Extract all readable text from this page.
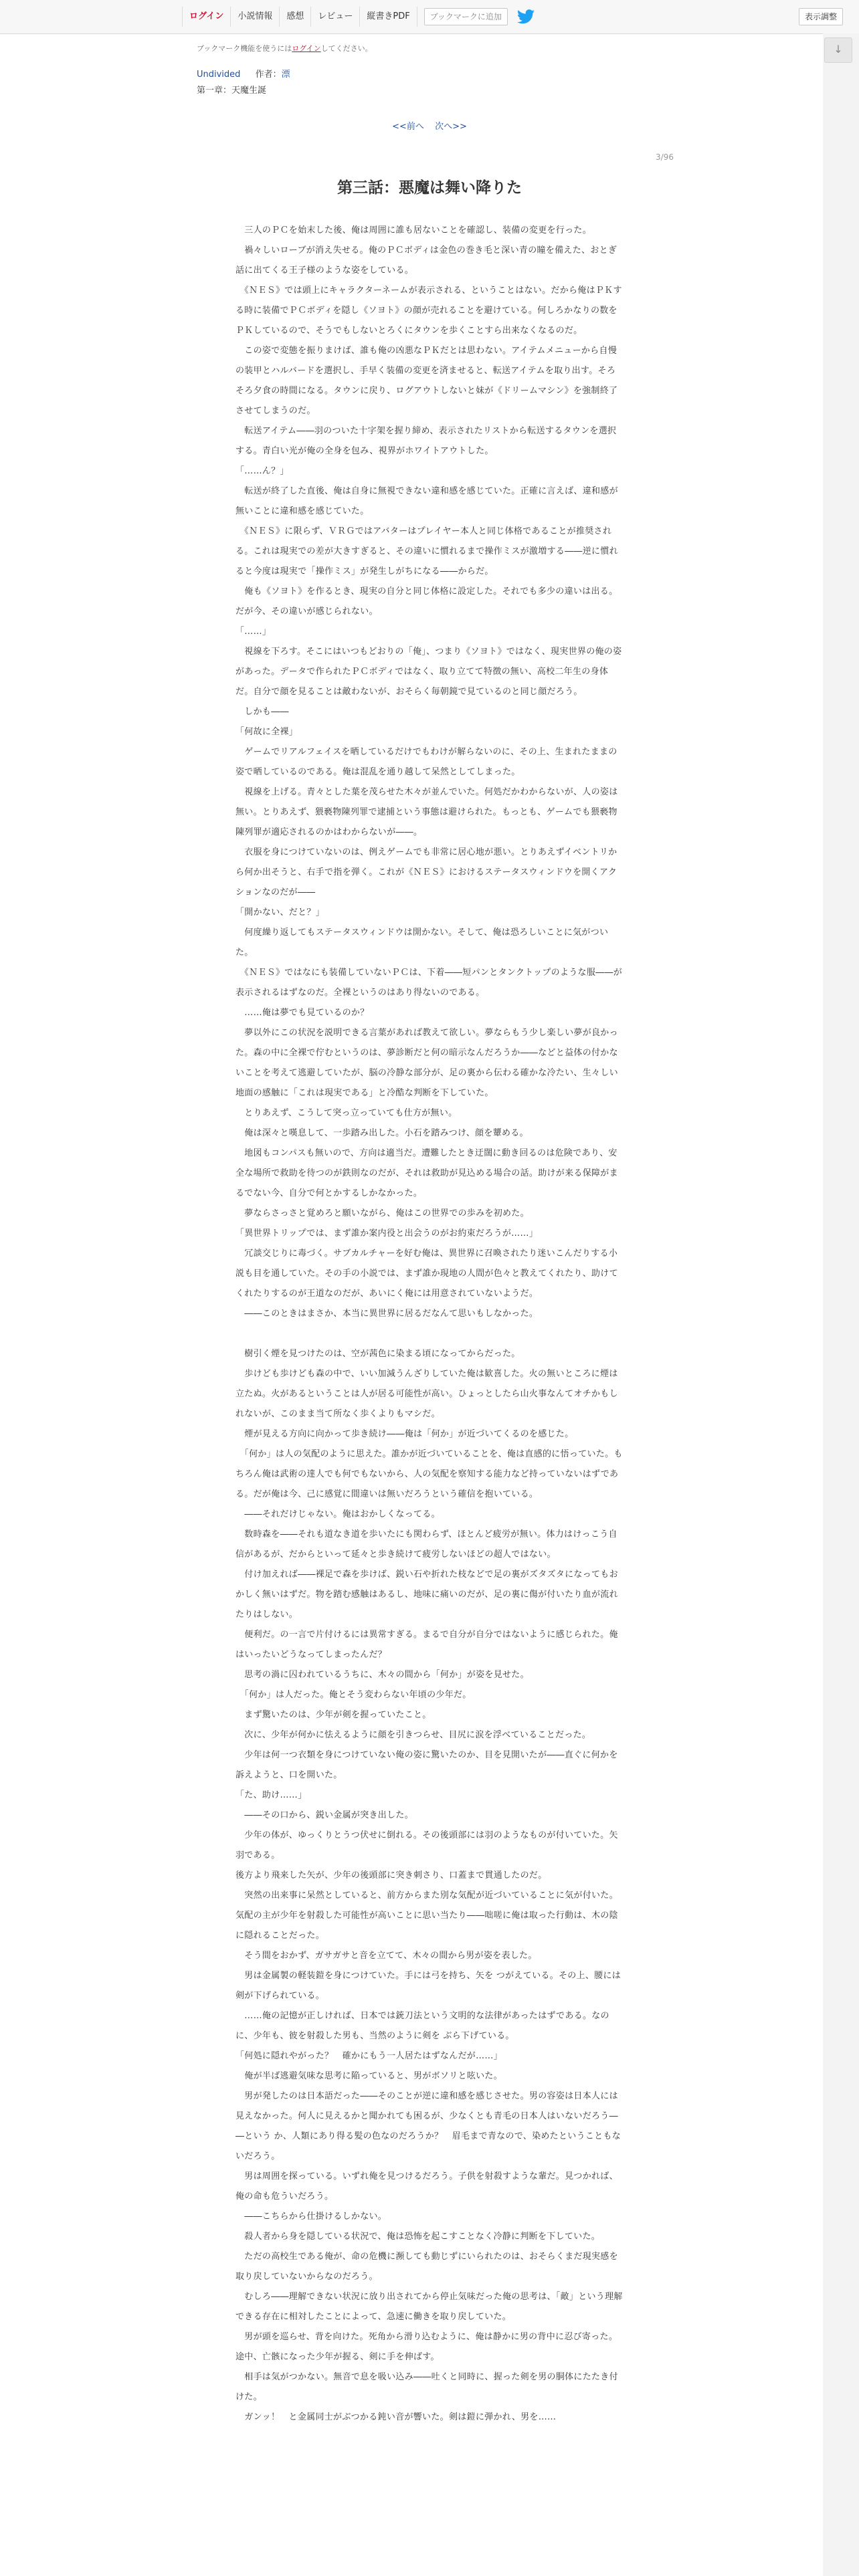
ログイン	小説情報	感想	レビュー	縦書きPDF	ブックマークに追加	表示調整
↓
ブックマーク機能を使うにはログインしてください。
Undivided 作者：漂
第一章：天魔生誕
<<前へ 次へ>>
3/96
第三話：悪魔は舞い降りた

　三人のＰＣを始末した後、俺は周囲に誰も居ないことを確認し、装備の変更を行った。

　禍々しいローブが消え失せる。俺のＰＣボディは金色の巻き毛と深い青の瞳を備えた、おとぎ話に出てくる王子様のような姿をしている。

　《ＮＥＳ》では頭上にキャラクターネームが表示される、ということはない。だから俺はＰＫする時に装備でＰＣボディを隠し《ソヨト》の顔が売れることを避けている。何しろかなりの数をＰＫしているので、そうでもしないとろくにタウンを歩くことすら出来なくなるのだ。

　この姿で変態を振りまけば、誰も俺の凶悪なＰＫだとは思わない。アイテムメニューから自慢の装甲とハルバードを選択し、手早く装備の変更を済ませると、転送アイテムを取り出す。そろそろ夕食の時間になる。タウンに戻り、ログアウトしないと妹が《ドリームマシン》を強制終了させてしまうのだ。

　転送アイテム――羽のついた十字架を握り締め、表示されたリストから転送するタウンを選択する。青白い光が俺の全身を包み、視界がホワイトアウトした。

「……ん？」

　転送が終了した直後、俺は自身に無視できない違和感を感じていた。正確に言えば、違和感が無いことに違和感を感じていた。

　《ＮＥＳ》に限らず、ＶＲＧではアバターはプレイヤー本人と同じ体格であることが推奨される。これは現実での差が大きすぎると、その違いに慣れるまで操作ミスが激増する――逆に慣れると今度は現実で「操作ミス」が発生しがちになる――からだ。

　俺も《ソヨト》を作るとき、現実の自分と同じ体格に設定した。それでも多少の違いは出る。だが今、その違いが感じられない。

「……」

　視線を下ろす。そこにはいつもどおりの「俺」、つまり《ソヨト》ではなく、現実世界の俺の姿があった。データで作られたＰＣボディではなく、取り立てて特徴の無い、高校二年生の身体だ。自分で顔を見ることは敵わないが、おそらく毎朝鏡で見ているのと同じ顔だろう。

　しかも――

「何故に全裸」

　ゲームでリアルフェイスを晒しているだけでもわけが解らないのに、その上、生まれたままの姿で晒しているのである。俺は混乱を通り越して呆然としてしまった。

　視線を上げる。青々とした葉を茂らせた木々が並んでいた。何処だかわからないが、人の姿は無い。とりあえず、猥褻物陳列罪で逮捕という事態は避けられた。もっとも、ゲームでも猥褻物陳列罪が適応されるのかはわからないが――。

　衣服を身につけていないのは、例えゲームでも非常に居心地が悪い。とりあえずイベントリから何か出そうと、右手で指を弾く。これが《ＮＥＳ》におけるステータスウィンドウを開くアクションなのだが――

「開かない、だと？」

　何度繰り返してもステータスウィンドウは開かない。そして、俺は恐ろしいことに気がついた。

　《ＮＥＳ》ではなにも装備していないＰＣは、下着――短パンとタンクトップのような服――が表示されるはずなのだ。全裸というのはあり得ないのである。

　……俺は夢でも見ているのか？

　夢以外にこの状況を説明できる言葉があれば教えて欲しい。夢ならもう少し楽しい夢が良かった。森の中に全裸で佇むというのは、夢診断だと何の暗示なんだろうか――などと益体の付かないことを考えて逃避していたが、脳の冷静な部分が、足の裏から伝わる確かな冷たい、生々しい地面の感触に「これは現実である」と冷酷な判断を下していた。

　とりあえず、こうして突っ立っていても仕方が無い。

　俺は深々と嘆息して、一歩踏み出した。小石を踏みつけ、顔を顰める。

　地図もコンパスも無いので、方向は適当だ。遭難したとき迂闊に動き回るのは危険であり、安全な場所で救助を待つのが鉄則なのだが、それは救助が見込める場合の話。助けが来る保障がまるでない今、自分で何とかするしかなかった。

　夢ならさっさと覚めろと願いながら、俺はこの世界での歩みを初めた。

「異世界トリップでは、まず誰か案内役と出会うのがお約束だろうが……」

　冗談交じりに毒づく。サブカルチャーを好む俺は、異世界に召喚されたり迷いこんだりする小説も目を通していた。その手の小説では、まず誰か現地の人間が色々と教えてくれたり、助けてくれたりするのが王道なのだが、あいにく俺には用意されていないようだ。

　――このときはまさか、本当に異世界に居るだなんて思いもしなかった。

　樹引く煙を見つけたのは、空が茜色に染まる頃になってからだった。

　歩けども歩けども森の中で、いい加減うんざりしていた俺は歓喜した。火の無いところに煙は立たぬ。火があるということは人が居る可能性が高い。ひょっとしたら山火事なんてオチかもしれないが、このまま当て所なく歩くよりもマシだ。

　煙が見える方向に向かって歩き続け――俺は「何か」が近づいてくるのを感じた。

　「何か」は人の気配のように思えた。誰かが近づいていることを、俺は直感的に悟っていた。もちろん俺は武術の達人でも何でもないから、人の気配を察知する能力など持っていないはずである。だが俺は今、己に感覚に間違いは無いだろうという確信を抱いている。

　――それだけじゃない。俺はおかしくなってる。

　数時森を――それも道なき道を歩いたにも関わらず、ほとんど疲労が無い。体力はけっこう自信があるが、だからといって延々と歩き続けて疲労しないほどの超人ではない。

　付け加えれば――裸足で森を歩けば、鋭い石や折れた枝などで足の裏がズタズタになってもおかしく無いはずだ。物を踏む感触はあるし、地味に痛いのだが、足の裏に傷が付いたり血が流れたりはしない。

　便利だ。の一言で片付けるには異常すぎる。まるで自分が自分ではないように感じられた。俺はいったいどうなってしまったんだ？

　思考の渦に囚われているうちに、木々の間から「何か」が姿を見せた。

　「何か」は人だった。俺とそう変わらない年頃の少年だ。

　まず驚いたのは、少年が剣を握っていたこと。

　次に、少年が何かに怯えるように顔を引きつらせ、目尻に涙を浮べていることだった。

　少年は何一つ衣類を身につけていない俺の姿に驚いたのか、目を見開いたが――直ぐに何かを訴えようと、口を開いた。

「た、助け……」

　――その口から、鋭い金属が突き出した。

　少年の体が、ゆっくりとうつ伏せに倒れる。その後頭部には羽のようなものが付いていた。矢羽である。

後方より飛来した矢が、少年の後頭部に突き刺さり、口蓋まで貫通したのだ。

　突然の出来事に呆然としていると、前方からまた別な気配が近づいていることに気が付いた。気配の主が少年を射殺した可能性が高いことに思い当たり――咄嗟に俺は取った行動は、木の陰に隠れることだった。

　そう間をおかず、ガサガサと音を立てて、木々の間から男が姿を表した。

　男は金属製の軽装鎧を身につけていた。手には弓を持ち、矢を つがえている。その上、腰には剣が下げられている。

　……俺の記憶が正しければ、日本では銃刀法という文明的な法律があったはずである。なのに、少年も、彼を射殺した男も、当然のように剣を ぶら下げている。

「何処に隠れやがった？　確かにもう一人居たはずなんだが……」

　俺が半ば逃避気味な思考に陥っていると、男がボソリと呟いた。

　男が発したのは日本語だった――そのことが逆に違和感を感じさせた。男の容姿は日本人には見えなかった。何人に見えるかと聞かれても困るが、少なくとも青毛の日本人はいないだろう――という か、人類にあり得る髪の色なのだろうか？　眉毛まで青なので、染めたということもないだろう。

　男は周囲を探っている。いずれ俺を見つけるだろう。子供を射殺すような輩だ。見つかれば、俺の命も危ういだろう。

　――こちらから仕掛けるしかない。

　殺人者から身を隠している状況で、俺は恐怖を起こすことなく冷静に判断を下していた。

　ただの高校生である俺が、命の危機に瀕しても動じずにいられたのは、おそらくまだ現実感を取り戻していないからなのだろう。

　むしろ――理解できない状況に放り出されてから停止気味だった俺の思考は、「敵」という理解できる存在に相対したことによって、急速に働きを取り戻していた。

　男が頭を巡らせ、背を向けた。死角から滑り込むように、俺は静かに男の背中に忍び寄った。途中、亡骸になった少年が握る、剣に手を伸ばす。

　相手は気がつかない。無音で息を吸い込み――吐くと同時に、握った剣を男の胴体にたたき付けた。

　ガンッ！　と金属同士がぶつかる鈍い音が響いた。剣は鎧に弾かれ、男を……
